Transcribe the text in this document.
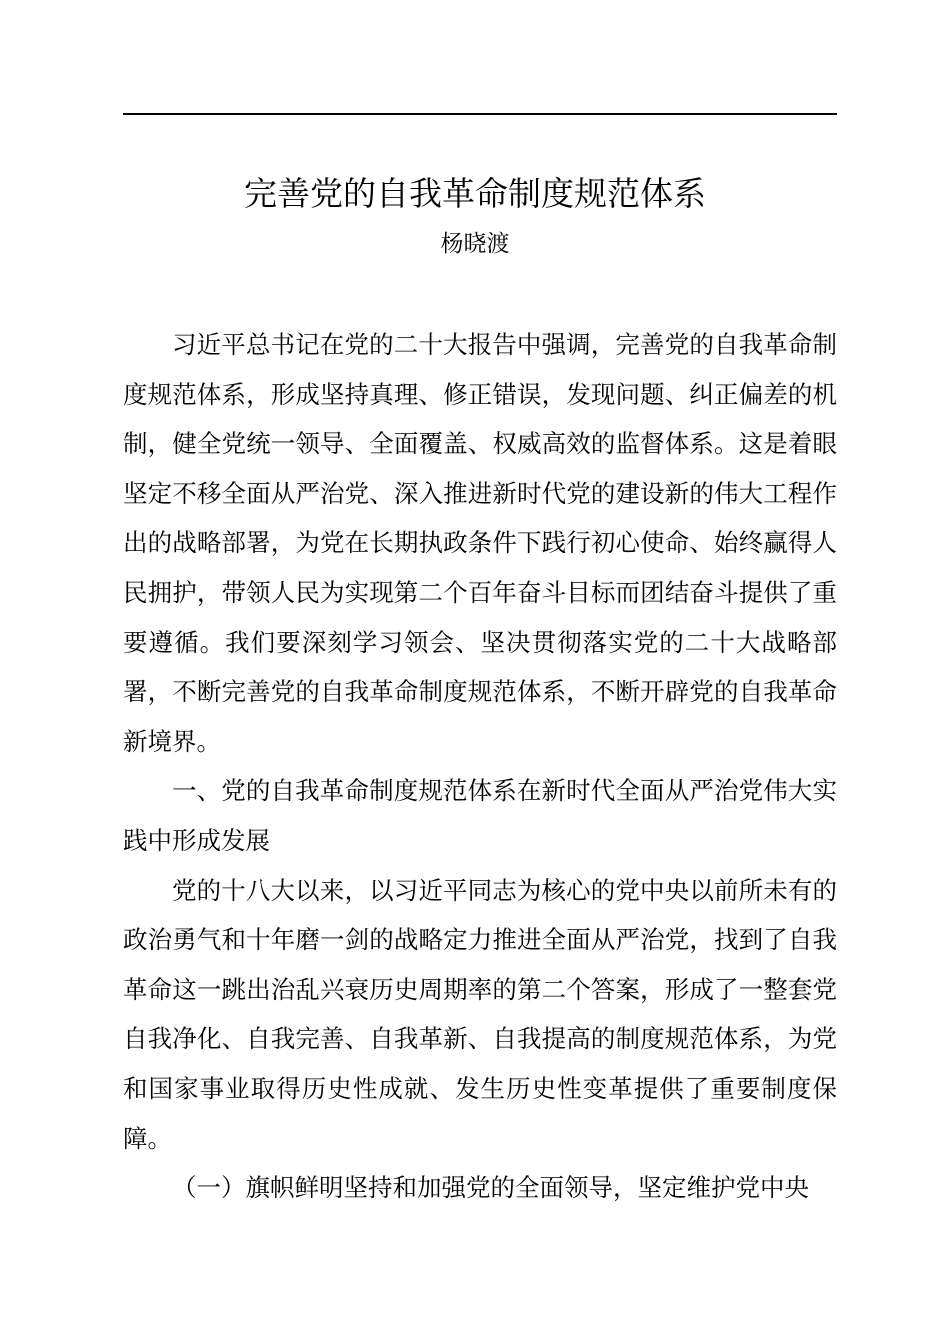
完善党的自我革命制度规范体系
杨晓渡

习近平总书记在党的二十大报告中强调，完善党的自我革命制度规范体系，形成坚持真理、修正错误，发现问题、纠正偏差的机制，健全党统一领导、全面覆盖、权威高效的监督体系。这是着眼坚定不移全面从严治党、深入推进新时代党的建设新的伟大工程作出的战略部署，为党在长期执政条件下践行初心使命、始终赢得人民拥护，带领人民为实现第二个百年奋斗目标而团结奋斗提供了重要遵循。我们要深刻学习领会、坚决贯彻落实党的二十大战略部署，不断完善党的自我革命制度规范体系，不断开辟党的自我革命新境界。

一、党的自我革命制度规范体系在新时代全面从严治党伟大实践中形成发展

党的十八大以来，以习近平同志为核心的党中央以前所未有的政治勇气和十年磨一剑的战略定力推进全面从严治党，找到了自我革命这一跳出治乱兴衰历史周期率的第二个答案，形成了一整套党自我净化、自我完善、自我革新、自我提高的制度规范体系，为党和国家事业取得历史性成就、发生历史性变革提供了重要制度保障。

（一）旗帜鲜明坚持和加强党的全面领导，坚定维护党中央
